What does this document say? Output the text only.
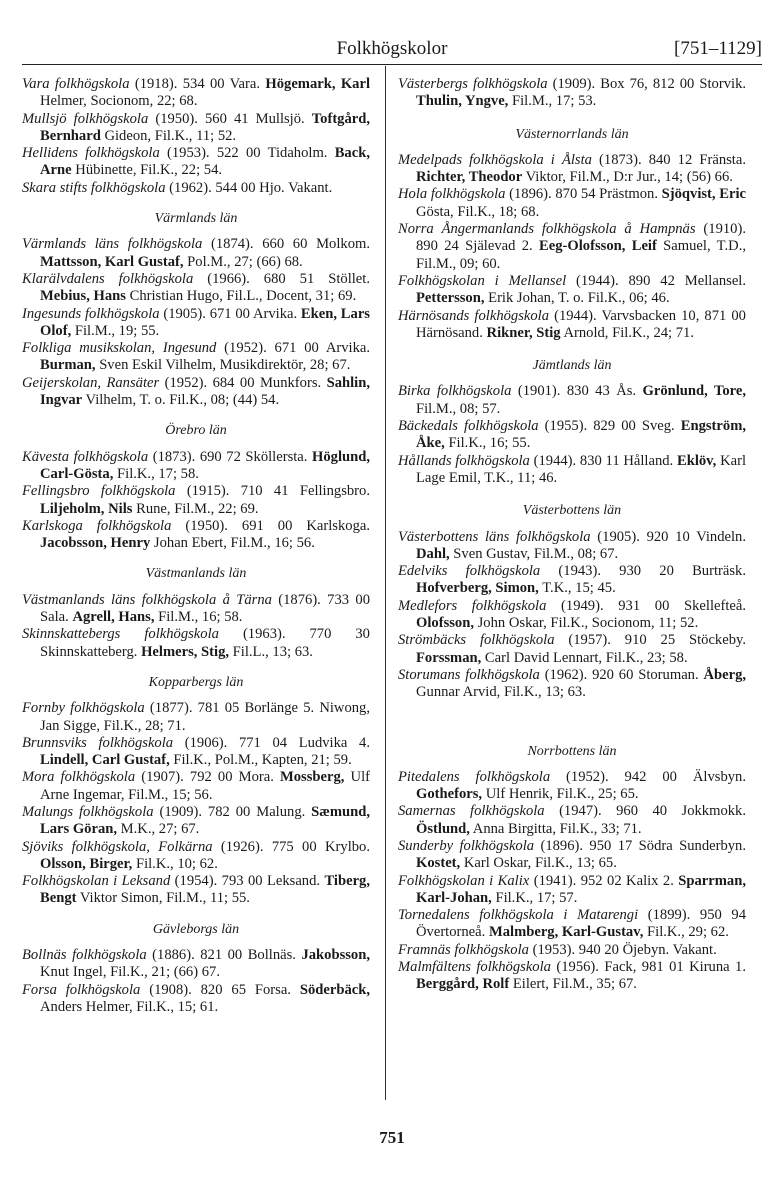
Folkhögskolor	[751–1129]

Vara folkhögskola (1918). 534 00 Vara. Högemark, Karl Helmer, Socionom, 22; 68.

Mullsjö folkhögskola (1950). 560 41 Mullsjö. Toftgård, Bernhard Gideon, Fil.K., 11; 52.

Hellidens folkhögskola (1953). 522 00 Tidaholm. Back, Arne Hübinette, Fil.K., 22; 54.

Skara stifts folkhögskola (1962). 544 00 Hjo. Vakant.

Värmlands län

Värmlands läns folkhögskola (1874). 660 60 Molkom. Mattsson, Karl Gustaf, Pol.M., 27; (66) 68.

Klarälvdalens folkhögskola (1966). 680 51 Stöllet. Mebius, Hans Christian Hugo, Fil.L., Docent, 31; 69.

Ingesunds folkhögskola (1905). 671 00 Arvika. Eken, Lars Olof, Fil.M., 19; 55.

Folkliga musikskolan, Ingesund (1952). 671 00 Arvika. Burman, Sven Eskil Vilhelm, Musikdirektör, 28; 67.

Geijerskolan, Ransäter (1952). 684 00 Munkfors. Sahlin, Ingvar Vilhelm, T. o. Fil.K., 08; (44) 54.

Örebro län

Kävesta folkhögskola (1873). 690 72 Sköllersta. Höglund, Carl-Gösta, Fil.K., 17; 58.

Fellingsbro folkhögskola (1915). 710 41 Fellingsbro. Liljeholm, Nils Rune, Fil.M., 22; 69.

Karlskoga folkhögskola (1950). 691 00 Karlskoga. Jacobsson, Henry Johan Ebert, Fil.M., 16; 56.

Västmanlands län

Västmanlands läns folkhögskola å Tärna (1876). 733 00 Sala. Agrell, Hans, Fil.M., 16; 58.

Skinnskattebergs folkhögskola (1963). 770 30 Skinnskatteberg. Helmers, Stig, Fil.L., 13; 63.

Kopparbergs län

Fornby folkhögskola (1877). 781 05 Borlänge 5. Niwong, Jan Sigge, Fil.K., 28; 71.

Brunnsviks folkhögskola (1906). 771 04 Ludvika 4. Lindell, Carl Gustaf, Fil.K., Pol.M., Kapten, 21; 59.

Mora folkhögskola (1907). 792 00 Mora. Mossberg, Ulf Arne Ingemar, Fil.M., 15; 56.

Malungs folkhögskola (1909). 782 00 Malung. Sæmund, Lars Göran, M.K., 27; 67.

Sjöviks folkhögskola, Folkärna (1926). 775 00 Krylbo. Olsson, Birger, Fil.K., 10; 62.

Folkhögskolan i Leksand (1954). 793 00 Leksand. Tiberg, Bengt Viktor Simon, Fil.M., 11; 55.

Gävleborgs län

Bollnäs folkhögskola (1886). 821 00 Bollnäs. Jakobsson, Knut Ingel, Fil.K., 21; (66) 67.

Forsa folkhögskola (1908). 820 65 Forsa. Söderbäck, Anders Helmer, Fil.K., 15; 61.

Västerbergs folkhögskola (1909). Box 76, 812 00 Storvik. Thulin, Yngve, Fil.M., 17; 53.

Västernorrlands län

Medelpads folkhögskola i Ålsta (1873). 840 12 Fränsta. Richter, Theodor Viktor, Fil.M., D:r Jur., 14; (56) 66.

Hola folkhögskola (1896). 870 54 Prästmon. Sjöqvist, Eric Gösta, Fil.K., 18; 68.

Norra Ångermanlands folkhögskola å Hampnäs (1910). 890 24 Själevad 2. Eeg-Olofsson, Leif Samuel, T.D., Fil.M., 09; 60.

Folkhögskolan i Mellansel (1944). 890 42 Mellansel. Pettersson, Erik Johan, T. o. Fil.K., 06; 46.

Härnösands folkhögskola (1944). Varvsbacken 10, 871 00 Härnösand. Rikner, Stig Arnold, Fil.K., 24; 71.

Jämtlands län

Birka folkhögskola (1901). 830 43 Ås. Grönlund, Tore, Fil.M., 08; 57.

Bäckedals folkhögskola (1955). 829 00 Sveg. Engström, Åke, Fil.K., 16; 55.

Hållands folkhögskola (1944). 830 11 Hålland. Eklöv, Karl Lage Emil, T.K., 11; 46.

Västerbottens län

Västerbottens läns folkhögskola (1905). 920 10 Vindeln. Dahl, Sven Gustav, Fil.M., 08; 67.

Edelviks folkhögskola (1943). 930 20 Burträsk. Hofverberg, Simon, T.K., 15; 45.

Medlefors folkhögskola (1949). 931 00 Skellefteå. Olofsson, John Oskar, Fil.K., Socionom, 11; 52.

Strömbäcks folkhögskola (1957). 910 25 Stöckeby. Forssman, Carl David Lennart, Fil.K., 23; 58.

Storumans folkhögskola (1962). 920 60 Storuman. Åberg, Gunnar Arvid, Fil.K., 13; 63.

Norrbottens län

Pitedalens folkhögskola (1952). 942 00 Älvsbyn. Gothefors, Ulf Henrik, Fil.K., 25; 65.

Samernas folkhögskola (1947). 960 40 Jokkmokk. Östlund, Anna Birgitta, Fil.K., 33; 71.

Sunderby folkhögskola (1896). 950 17 Södra Sunderbyn. Kostet, Karl Oskar, Fil.K., 13; 65.

Folkhögskolan i Kalix (1941). 952 02 Kalix 2. Sparrman, Karl-Johan, Fil.K., 17; 57.

Tornedalens folkhögskola i Matarengi (1899). 950 94 Övertorneå. Malmberg, Karl-Gustav, Fil.K., 29; 62.

Framnäs folkhögskola (1953). 940 20 Öjebyn. Vakant.

Malmfältens folkhögskola (1956). Fack, 981 01 Kiruna 1. Berggård, Rolf Eilert, Fil.M., 35; 67.

751
